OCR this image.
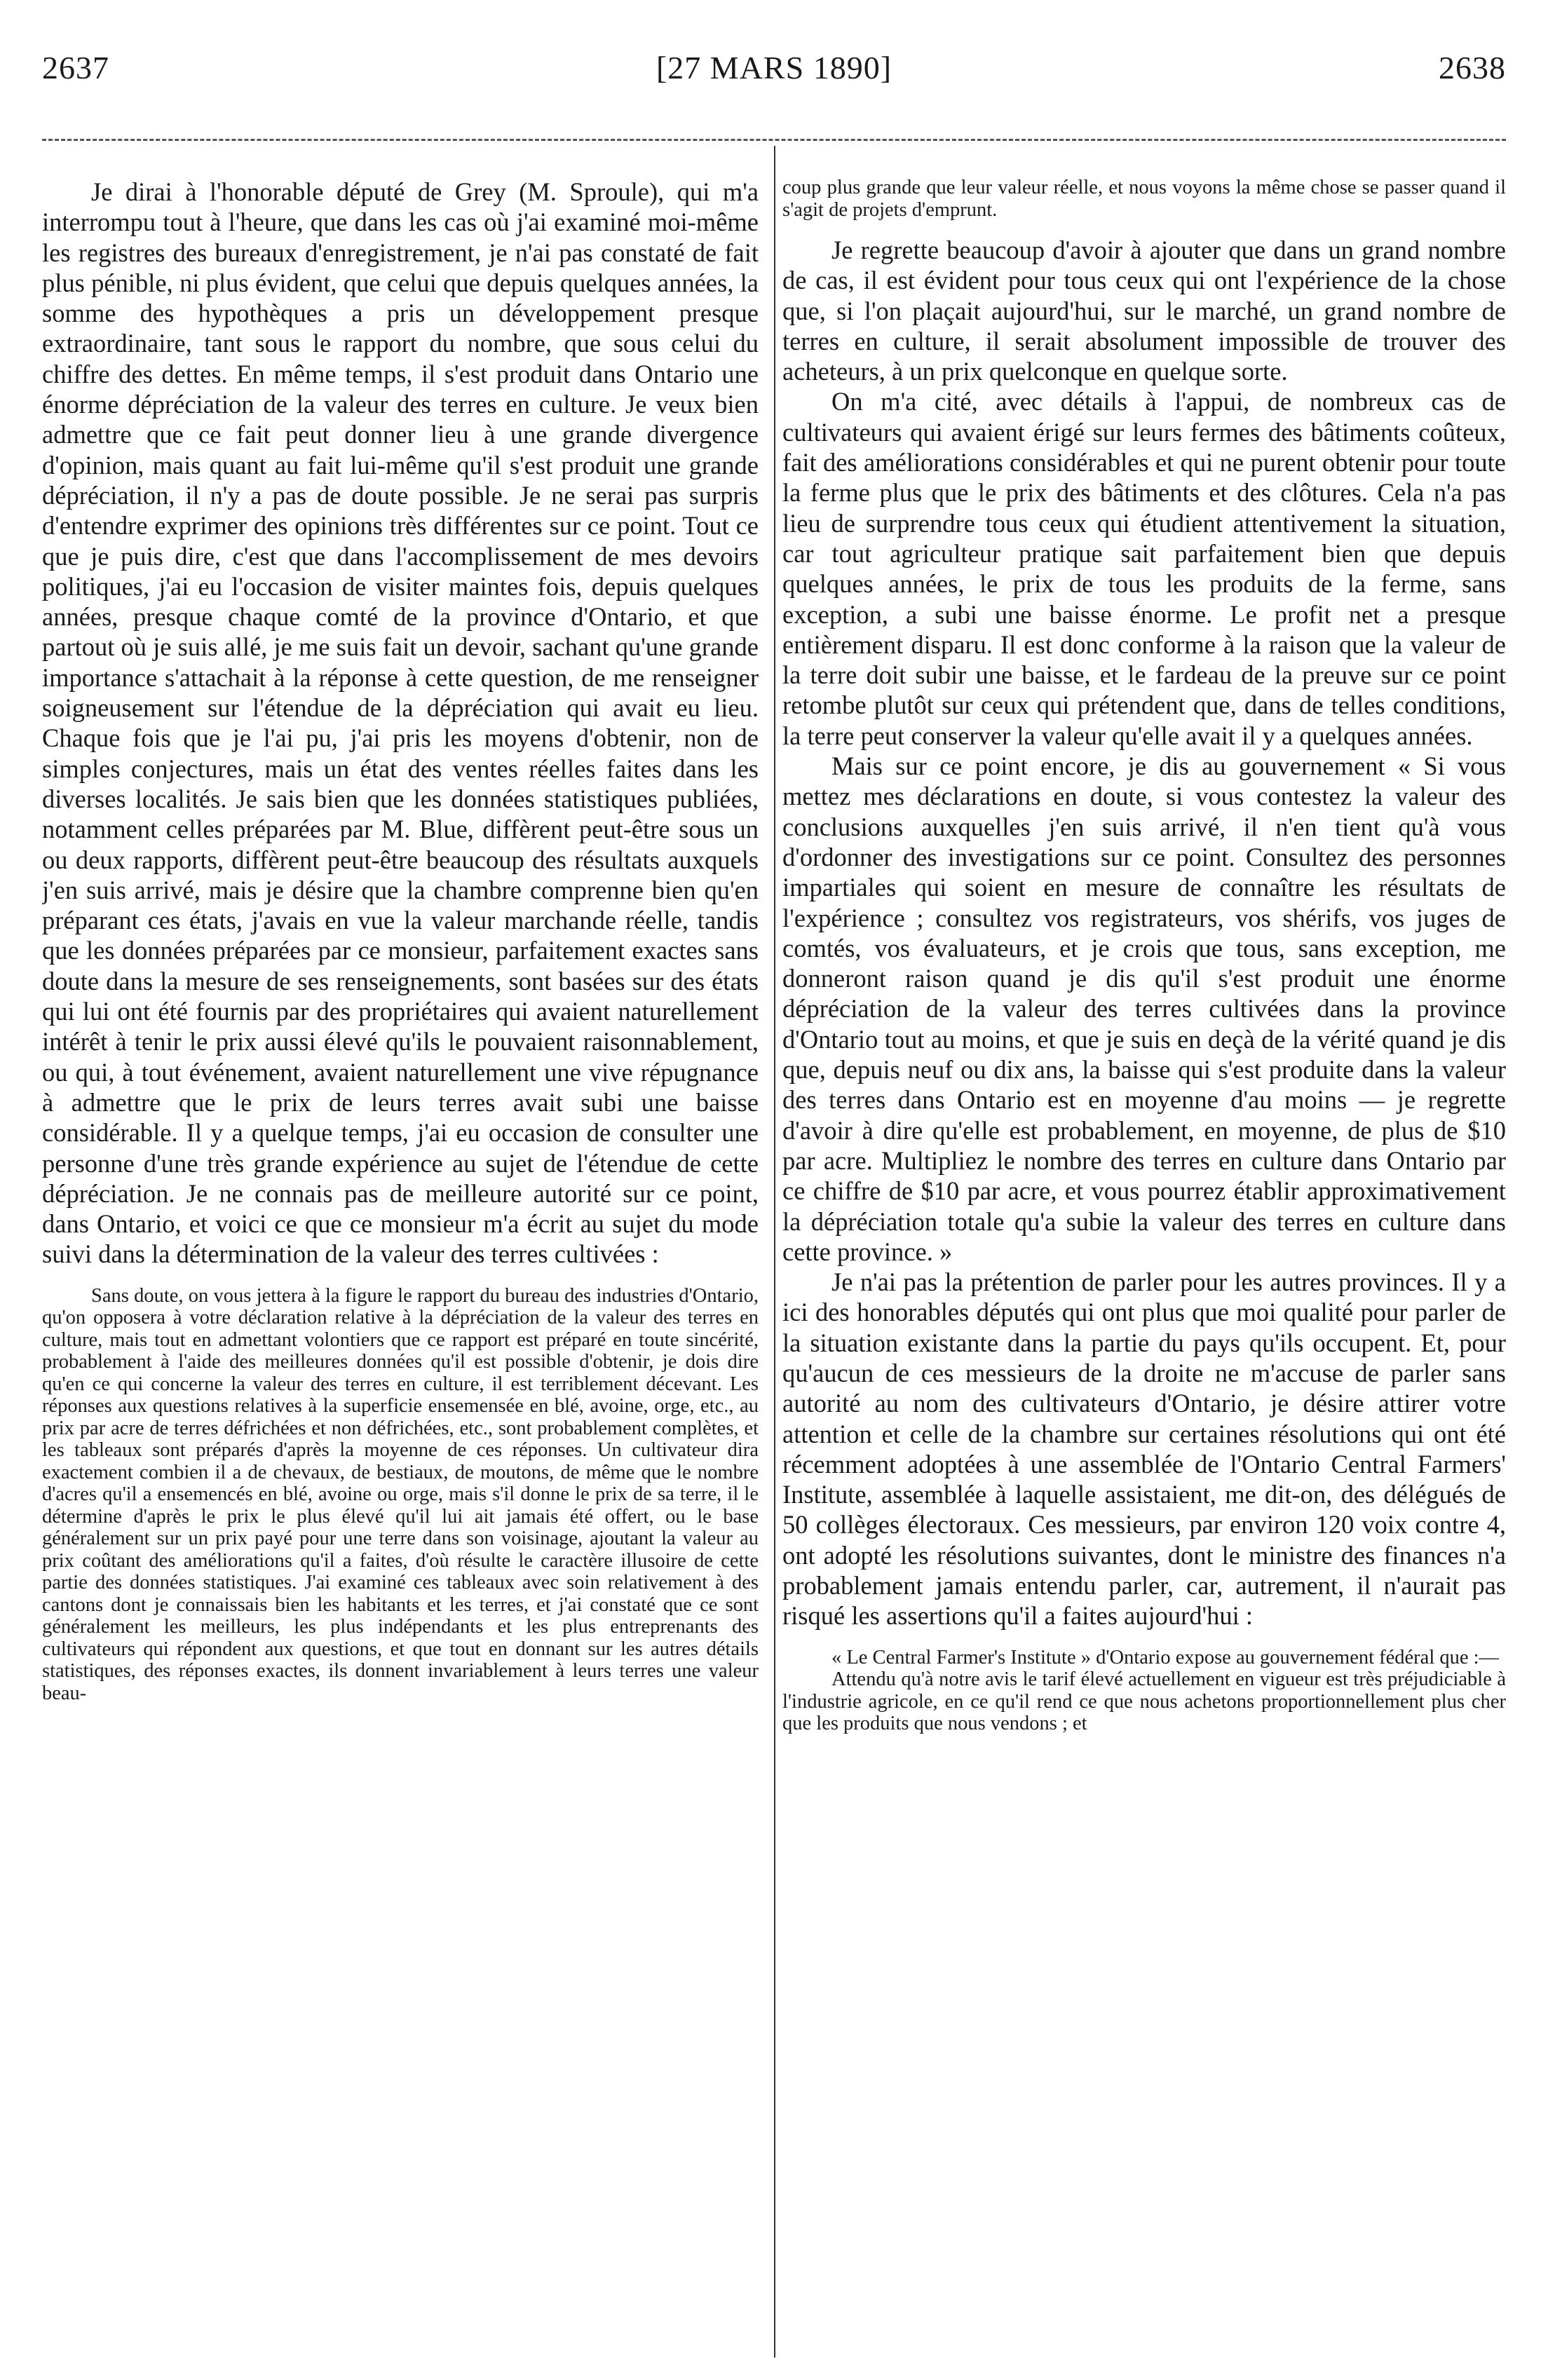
2637	[27 MARS 1890]	2638

Je dirai à l'honorable député de Grey (M. Sproule), qui m'a interrompu tout à l'heure, que dans les cas où j'ai examiné moi-même les registres des bureaux d'enregistrement, je n'ai pas constaté de fait plus pénible, ni plus évident, que celui que depuis quelques années, la somme des hypothèques a pris un développement presque extraordinaire, tant sous le rapport du nombre, que sous celui du chiffre des dettes. En même temps, il s'est produit dans Ontario une énorme dépréciation de la valeur des terres en culture. Je veux bien admettre que ce fait peut donner lieu à une grande divergence d'opinion, mais quant au fait lui-même qu'il s'est produit une grande dépréciation, il n'y a pas de doute possible. Je ne serai pas surpris d'entendre exprimer des opinions très différentes sur ce point. Tout ce que je puis dire, c'est que dans l'accomplissement de mes devoirs politiques, j'ai eu l'occasion de visiter maintes fois, depuis quelques années, presque chaque comté de la province d'Ontario, et que partout où je suis allé, je me suis fait un devoir, sachant qu'une grande importance s'attachait à la réponse à cette question, de me renseigner soigneusement sur l'étendue de la dépréciation qui avait eu lieu. Chaque fois que je l'ai pu, j'ai pris les moyens d'obtenir, non de simples conjectures, mais un état des ventes réelles faites dans les diverses localités. Je sais bien que les données statistiques publiées, notamment celles préparées par M. Blue, diffèrent peut-être sous un ou deux rapports, diffèrent peut-être beaucoup des résultats auxquels j'en suis arrivé, mais je désire que la chambre comprenne bien qu'en préparant ces états, j'avais en vue la valeur marchande réelle, tandis que les données préparées par ce monsieur, parfaitement exactes sans doute dans la mesure de ses renseignements, sont basées sur des états qui lui ont été fournis par des propriétaires qui avaient naturellement intérêt à tenir le prix aussi élevé qu'ils le pouvaient raisonnablement, ou qui, à tout événement, avaient naturellement une vive répugnance à admettre que le prix de leurs terres avait subi une baisse considérable. Il y a quelque temps, j'ai eu occasion de consulter une personne d'une très grande expérience au sujet de l'étendue de cette dépréciation. Je ne connais pas de meilleure autorité sur ce point, dans Ontario, et voici ce que ce monsieur m'a écrit au sujet du mode suivi dans la détermination de la valeur des terres cultivées :

Sans doute, on vous jettera à la figure le rapport du bureau des industries d'Ontario, qu'on opposera à votre déclaration relative à la dépréciation de la valeur des terres en culture, mais tout en admettant volontiers que ce rapport est préparé en toute sincérité, probablement à l'aide des meilleures données qu'il est possible d'obtenir, je dois dire qu'en ce qui concerne la valeur des terres en culture, il est terriblement décevant. Les réponses aux questions relatives à la superficie ensemensée en blé, avoine, orge, etc., au prix par acre de terres défrichées et non défrichées, etc., sont probablement complètes, et les tableaux sont préparés d'après la moyenne de ces réponses. Un cultivateur dira exactement combien il a de chevaux, de bestiaux, de moutons, de même que le nombre d'acres qu'il a ensemencés en blé, avoine ou orge, mais s'il donne le prix de sa terre, il le détermine d'après le prix le plus élevé qu'il lui ait jamais été offert, ou le base généralement sur un prix payé pour une terre dans son voisinage, ajoutant la valeur au prix coûtant des améliorations qu'il a faites, d'où résulte le caractère illusoire de cette partie des données statistiques. J'ai examiné ces tableaux avec soin relativement à des cantons dont je connaissais bien les habitants et les terres, et j'ai constaté que ce sont généralement les meilleurs, les plus indépendants et les plus entreprenants des cultivateurs qui répondent aux questions, et que tout en donnant sur les autres détails statistiques, des réponses exactes, ils donnent invariablement à leurs terres une valeur beau-

coup plus grande que leur valeur réelle, et nous voyons la même chose se passer quand il s'agit de projets d'emprunt.

Je regrette beaucoup d'avoir à ajouter que dans un grand nombre de cas, il est évident pour tous ceux qui ont l'expérience de la chose que, si l'on plaçait aujourd'hui, sur le marché, un grand nombre de terres en culture, il serait absolument impossible de trouver des acheteurs, à un prix quelconque en quelque sorte.

On m'a cité, avec détails à l'appui, de nombreux cas de cultivateurs qui avaient érigé sur leurs fermes des bâtiments coûteux, fait des améliorations considérables et qui ne purent obtenir pour toute la ferme plus que le prix des bâtiments et des clôtures. Cela n'a pas lieu de surprendre tous ceux qui étudient attentivement la situation, car tout agriculteur pratique sait parfaitement bien que depuis quelques années, le prix de tous les produits de la ferme, sans exception, a subi une baisse énorme. Le profit net a presque entièrement disparu. Il est donc conforme à la raison que la valeur de la terre doit subir une baisse, et le fardeau de la preuve sur ce point retombe plutôt sur ceux qui prétendent que, dans de telles conditions, la terre peut conserver la valeur qu'elle avait il y a quelques années.

Mais sur ce point encore, je dis au gouvernement « Si vous mettez mes déclarations en doute, si vous contestez la valeur des conclusions auxquelles j'en suis arrivé, il n'en tient qu'à vous d'ordonner des investigations sur ce point. Consultez des personnes impartiales qui soient en mesure de connaître les résultats de l'expérience ; consultez vos registrateurs, vos shérifs, vos juges de comtés, vos évaluateurs, et je crois que tous, sans exception, me donneront raison quand je dis qu'il s'est produit une énorme dépréciation de la valeur des terres cultivées dans la province d'Ontario tout au moins, et que je suis en deçà de la vérité quand je dis que, depuis neuf ou dix ans, la baisse qui s'est produite dans la valeur des terres dans Ontario est en moyenne d'au moins — je regrette d'avoir à dire qu'elle est probablement, en moyenne, de plus de $10 par acre. Multipliez le nombre des terres en culture dans Ontario par ce chiffre de $10 par acre, et vous pourrez établir approximativement la dépréciation totale qu'a subie la valeur des terres en culture dans cette province. »

Je n'ai pas la prétention de parler pour les autres provinces. Il y a ici des honorables députés qui ont plus que moi qualité pour parler de la situation existante dans la partie du pays qu'ils occupent. Et, pour qu'aucun de ces messieurs de la droite ne m'accuse de parler sans autorité au nom des cultivateurs d'Ontario, je désire attirer votre attention et celle de la chambre sur certaines résolutions qui ont été récemment adoptées à une assemblée de l'Ontario Central Farmers' Institute, assemblée à laquelle assistaient, me dit-on, des délégués de 50 collèges électoraux. Ces messieurs, par environ 120 voix contre 4, ont adopté les résolutions suivantes, dont le ministre des finances n'a probablement jamais entendu parler, car, autrement, il n'aurait pas risqué les assertions qu'il a faites aujourd'hui :

« Le Central Farmer's Institute » d'Ontario expose au gouvernement fédéral que :—

Attendu qu'à notre avis le tarif élevé actuellement en vigueur est très préjudiciable à l'industrie agricole, en ce qu'il rend ce que nous achetons proportionnellement plus cher que les produits que nous vendons ; et
